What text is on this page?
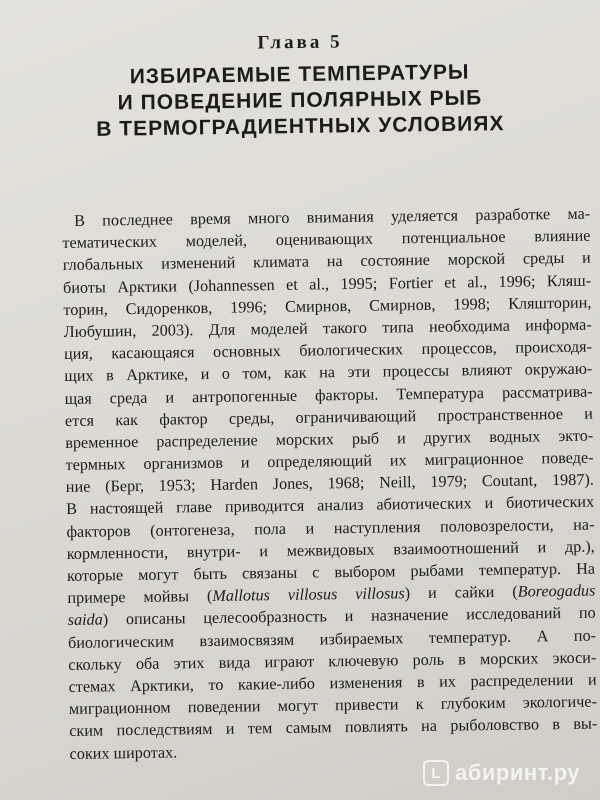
Глава 5
ИЗБИРАЕМЫЕ ТЕМПЕРАТУРЫ
И ПОВЕДЕНИЕ ПОЛЯРНЫХ РЫБ
В ТЕРМОГРАДИЕНТНЫХ УСЛОВИЯХ
В последнее время много внимания уделяется разработке ма-
тематических моделей, оценивающих потенциальное влияние
глобальных изменений климата на состояние морской среды и
биоты Арктики (Johannessen et al., 1995; Fortier et al., 1996; Кляш-
торин, Сидоренков, 1996; Смирнов, Смирнов, 1998; Кляшторин,
Любушин, 2003). Для моделей такого типа необходима информа-
ция, касающаяся основных биологических процессов, происходя-
щих в Арктике, и о том, как на эти процессы влияют окружаю-
щая среда и антропогенные факторы. Температура рассматрива-
ется как фактор среды, ограничивающий пространственное и
временное распределение морских рыб и других водных экто-
термных организмов и определяющий их миграционное поведе-
ние (Берг, 1953; Harden Jones, 1968; Neill, 1979; Coutant, 1987).
В настоящей главе приводится анализ абиотических и биотических
факторов (онтогенеза, пола и наступления половозрелости, на-
кормленности, внутри- и межвидовых взаимоотношений и др.),
которые могут быть связаны с выбором рыбами температур. На
примере мойвы (Mallotus villosus villosus) и сайки (Boreogadus
saida) описаны целесообразность и назначение исследований по
биологическим взаимосвязям избираемых температур. А по-
скольку оба этих вида играют ключевую роль в морских экоси-
стемах Арктики, то какие-либо изменения в их распределении и
миграционном поведении могут привести к глубоким экологиче-
ским последствиям и тем самым повлиять на рыболовство в вы-
соких широтах.
L абиринт.ру
